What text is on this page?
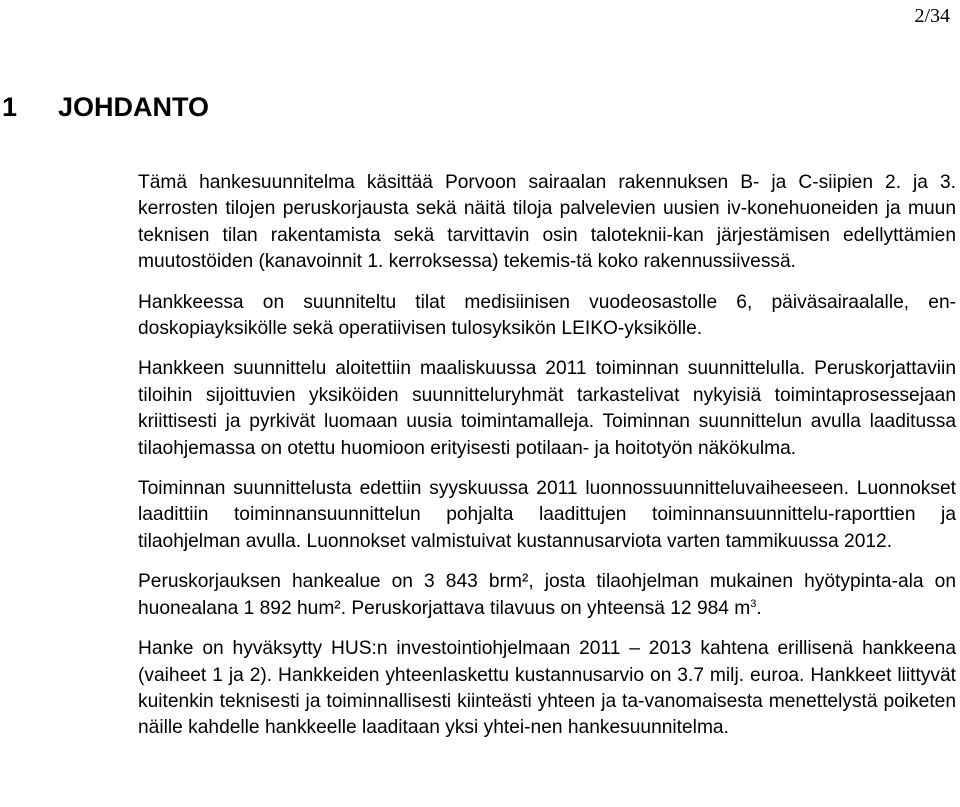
2/34
1 JOHDANTO

Tämä hankesuunnitelma käsittää Porvoon sairaalan rakennuksen B- ja C-siipien 2. ja 3. kerrosten tilojen peruskorjausta sekä näitä tiloja palvelevien uusien iv-konehuoneiden ja muun teknisen tilan rakentamista sekä tarvittavin osin taloteknii-kan järjestämisen edellyttämien muutostöiden (kanavoinnit 1. kerroksessa) tekemis-tä koko rakennussiivessä.

Hankkeessa on suunniteltu tilat medisiinisen vuodeosastolle 6, päiväsairaalalle, en-doskopiayksikölle sekä operatiivisen tulosyksikön LEIKO-yksikölle.

Hankkeen suunnittelu aloitettiin maaliskuussa 2011 toiminnan suunnittelulla. Peruskorjattaviin tiloihin sijoittuvien yksiköiden suunnitteluryhmät tarkastelivat nykyisiä toimintaprosessejaan kriittisesti ja pyrkivät luomaan uusia toimintamalleja. Toiminnan suunnittelun avulla laaditussa tilaohjemassa on otettu huomioon erityisesti potilaan- ja hoitotyön näkökulma.

Toiminnan suunnittelusta edettiin syyskuussa 2011 luonnossuunnitteluvaiheeseen. Luonnokset laadittiin toiminnansuunnittelun pohjalta laadittujen toiminnansuunnittelu-raporttien ja tilaohjelman avulla. Luonnokset valmistuivat kustannusarviota varten tammikuussa 2012.

Peruskorjauksen hankealue on 3 843 brm², josta tilaohjelman mukainen hyötypinta-ala on huonealana 1 892 hum². Peruskorjattava tilavuus on yhteensä 12 984 $m^3$.

Hanke on hyväksytty HUS:n investointiohjelmaan 2011 – 2013 kahtena erillisenä hankkeena (vaiheet 1 ja 2). Hankkeiden yhteenlaskettu kustannusarvio on 3.7 milj. euroa. Hankkeet liittyvät kuitenkin teknisesti ja toiminnallisesti kiinteästi yhteen ja ta-vanomaisesta menettelystä poiketen näille kahdelle hankkeelle laaditaan yksi yhtei-nen hankesuunnitelma.
